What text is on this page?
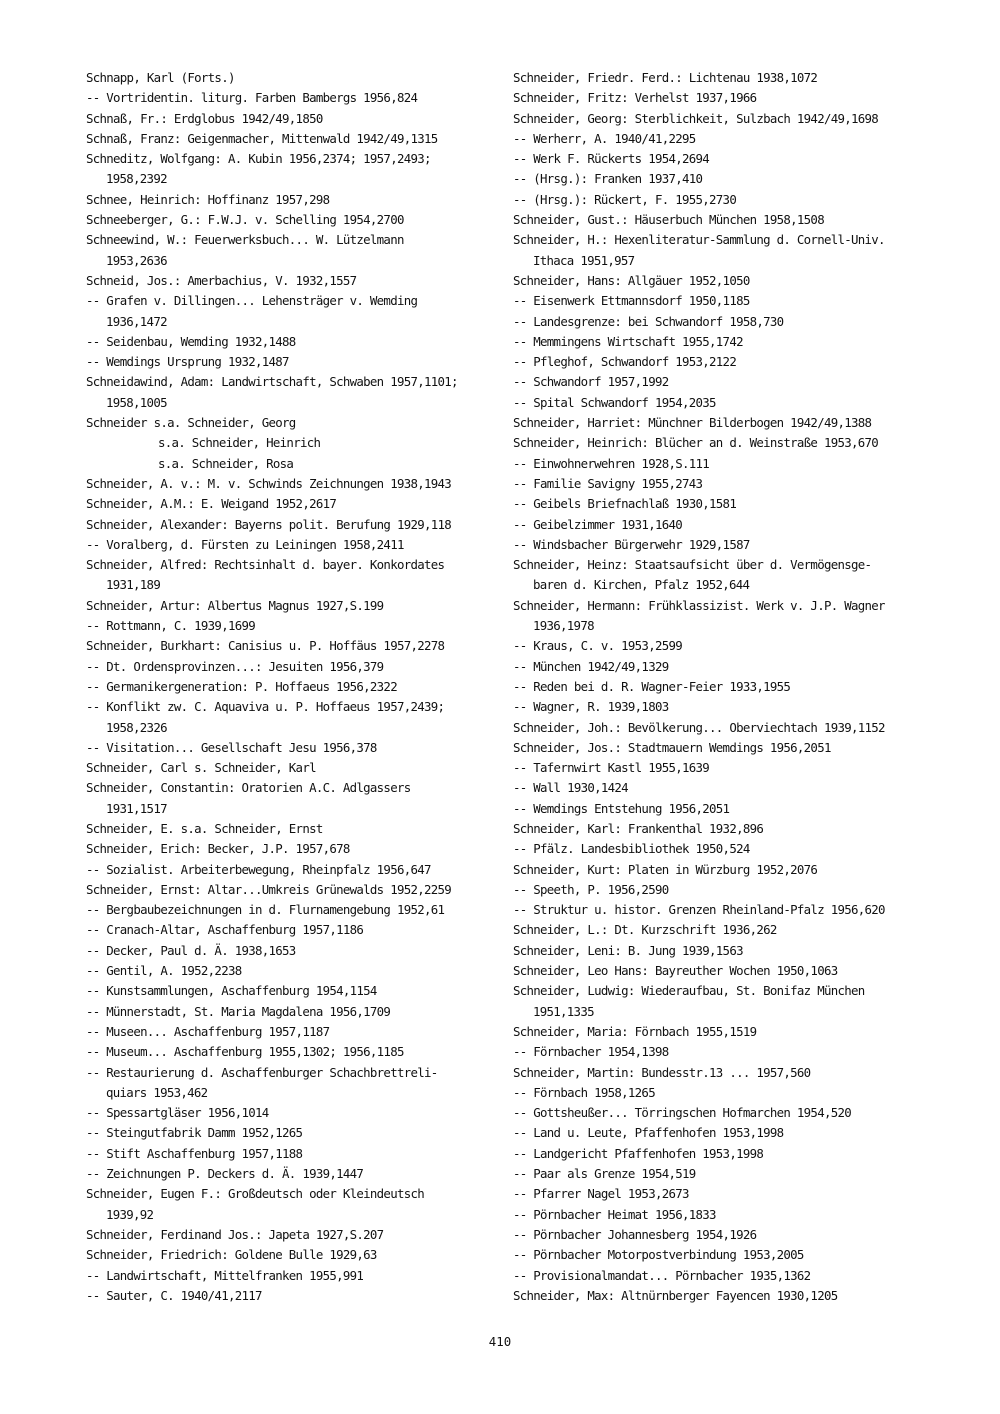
Schnapp, Karl (Forts.)
-- Vortridentin. liturg. Farben Bambergs 1956,824
Schnaß, Fr.: Erdglobus 1942/49,1850
Schnaß, Franz: Geigenmacher, Mittenwald 1942/49,1315
Schneditz, Wolfgang: A. Kubin 1956,2374; 1957,2493;
1958,2392
Schnee, Heinrich: Hoffinanz 1957,298
Schneeberger, G.: F.W.J. v. Schelling 1954,2700
Schneewind, W.: Feuerwerksbuch... W. Lützelmann
1953,2636
Schneid, Jos.: Amerbachius, V. 1932,1557
-- Grafen v. Dillingen... Lehensträger v. Wemding
1936,1472
-- Seidenbau, Wemding 1932,1488
-- Wemdings Ursprung 1932,1487
Schneidawind, Adam: Landwirtschaft, Schwaben 1957,1101;
1958,1005
Schneider s.a. Schneider, Georg
s.a. Schneider, Heinrich
s.a. Schneider, Rosa
Schneider, A. v.: M. v. Schwinds Zeichnungen 1938,1943
Schneider, A.M.: E. Weigand 1952,2617
Schneider, Alexander: Bayerns polit. Berufung 1929,118
-- Voralberg, d. Fürsten zu Leiningen 1958,2411
Schneider, Alfred: Rechtsinhalt d. bayer. Konkordates
1931,189
Schneider, Artur: Albertus Magnus 1927,S.199
-- Rottmann, C. 1939,1699
Schneider, Burkhart: Canisius u. P. Hoffäus 1957,2278
-- Dt. Ordensprovinzen...: Jesuiten 1956,379
-- Germanikergeneration: P. Hoffaeus 1956,2322
-- Konflikt zw. C. Aquaviva u. P. Hoffaeus 1957,2439;
1958,2326
-- Visitation... Gesellschaft Jesu 1956,378
Schneider, Carl s. Schneider, Karl
Schneider, Constantin: Oratorien A.C. Adlgassers
1931,1517
Schneider, E. s.a. Schneider, Ernst
Schneider, Erich: Becker, J.P. 1957,678
-- Sozialist. Arbeiterbewegung, Rheinpfalz 1956,647
Schneider, Ernst: Altar...Umkreis Grünewalds 1952,2259
-- Bergbaubezeichnungen in d. Flurnamengebung 1952,61
-- Cranach-Altar, Aschaffenburg 1957,1186
-- Decker, Paul d. Ä. 1938,1653
-- Gentil, A. 1952,2238
-- Kunstsammlungen, Aschaffenburg 1954,1154
-- Münnerstadt, St. Maria Magdalena 1956,1709
-- Museen... Aschaffenburg 1957,1187
-- Museum... Aschaffenburg 1955,1302; 1956,1185
-- Restaurierung d. Aschaffenburger Schachbrettreli-
quiars 1953,462
-- Spessartgläser 1956,1014
-- Steingutfabrik Damm 1952,1265
-- Stift Aschaffenburg 1957,1188
-- Zeichnungen P. Deckers d. Ä. 1939,1447
Schneider, Eugen F.: Großdeutsch oder Kleindeutsch
1939,92
Schneider, Ferdinand Jos.: Japeta 1927,S.207
Schneider, Friedrich: Goldene Bulle 1929,63
-- Landwirtschaft, Mittelfranken 1955,991
-- Sauter, C. 1940/41,2117
Schneider, Friedr. Ferd.: Lichtenau 1938,1072
Schneider, Fritz: Verhelst 1937,1966
Schneider, Georg: Sterblichkeit, Sulzbach 1942/49,1698
-- Werherr, A. 1940/41,2295
-- Werk F. Rückerts 1954,2694
-- (Hrsg.): Franken 1937,410
-- (Hrsg.): Rückert, F. 1955,2730
Schneider, Gust.: Häuserbuch München 1958,1508
Schneider, H.: Hexenliteratur-Sammlung d. Cornell-Univ.
Ithaca 1951,957
Schneider, Hans: Allgäuer 1952,1050
-- Eisenwerk Ettmannsdorf 1950,1185
-- Landesgrenze: bei Schwandorf 1958,730
-- Memmingens Wirtschaft 1955,1742
-- Pfleghof, Schwandorf 1953,2122
-- Schwandorf 1957,1992
-- Spital Schwandorf 1954,2035
Schneider, Harriet: Münchner Bilderbogen 1942/49,1388
Schneider, Heinrich: Blücher an d. Weinstraße 1953,670
-- Einwohnerwehren 1928,S.111
-- Familie Savigny 1955,2743
-- Geibels Briefnachlaß 1930,1581
-- Geibelzimmer 1931,1640
-- Windsbacher Bürgerwehr 1929,1587
Schneider, Heinz: Staatsaufsicht über d. Vermögensge-
baren d. Kirchen, Pfalz 1952,644
Schneider, Hermann: Frühklassizist. Werk v. J.P. Wagner
1936,1978
-- Kraus, C. v. 1953,2599
-- München 1942/49,1329
-- Reden bei d. R. Wagner-Feier 1933,1955
-- Wagner, R. 1939,1803
Schneider, Joh.: Bevölkerung... Oberviechtach 1939,1152
Schneider, Jos.: Stadtmauern Wemdings 1956,2051
-- Tafernwirt Kastl 1955,1639
-- Wall 1930,1424
-- Wemdings Entstehung 1956,2051
Schneider, Karl: Frankenthal 1932,896
-- Pfälz. Landesbibliothek 1950,524
Schneider, Kurt: Platen in Würzburg 1952,2076
-- Speeth, P. 1956,2590
-- Struktur u. histor. Grenzen Rheinland-Pfalz 1956,620
Schneider, L.: Dt. Kurzschrift 1936,262
Schneider, Leni: B. Jung 1939,1563
Schneider, Leo Hans: Bayreuther Wochen 1950,1063
Schneider, Ludwig: Wiederaufbau, St. Bonifaz München
1951,1335
Schneider, Maria: Förnbach 1955,1519
-- Förnbacher 1954,1398
Schneider, Martin: Bundesstr.13 ... 1957,560
-- Förnbach 1958,1265
-- Gottsheußer... Törringschen Hofmarchen 1954,520
-- Land u. Leute, Pfaffenhofen 1953,1998
-- Landgericht Pfaffenhofen 1953,1998
-- Paar als Grenze 1954,519
-- Pfarrer Nagel 1953,2673
-- Pörnbacher Heimat 1956,1833
-- Pörnbacher Johannesberg 1954,1926
-- Pörnbacher Motorpostverbindung 1953,2005
-- Provisionalmandat... Pörnbacher 1935,1362
Schneider, Max: Altnürnberger Fayencen 1930,1205
410
